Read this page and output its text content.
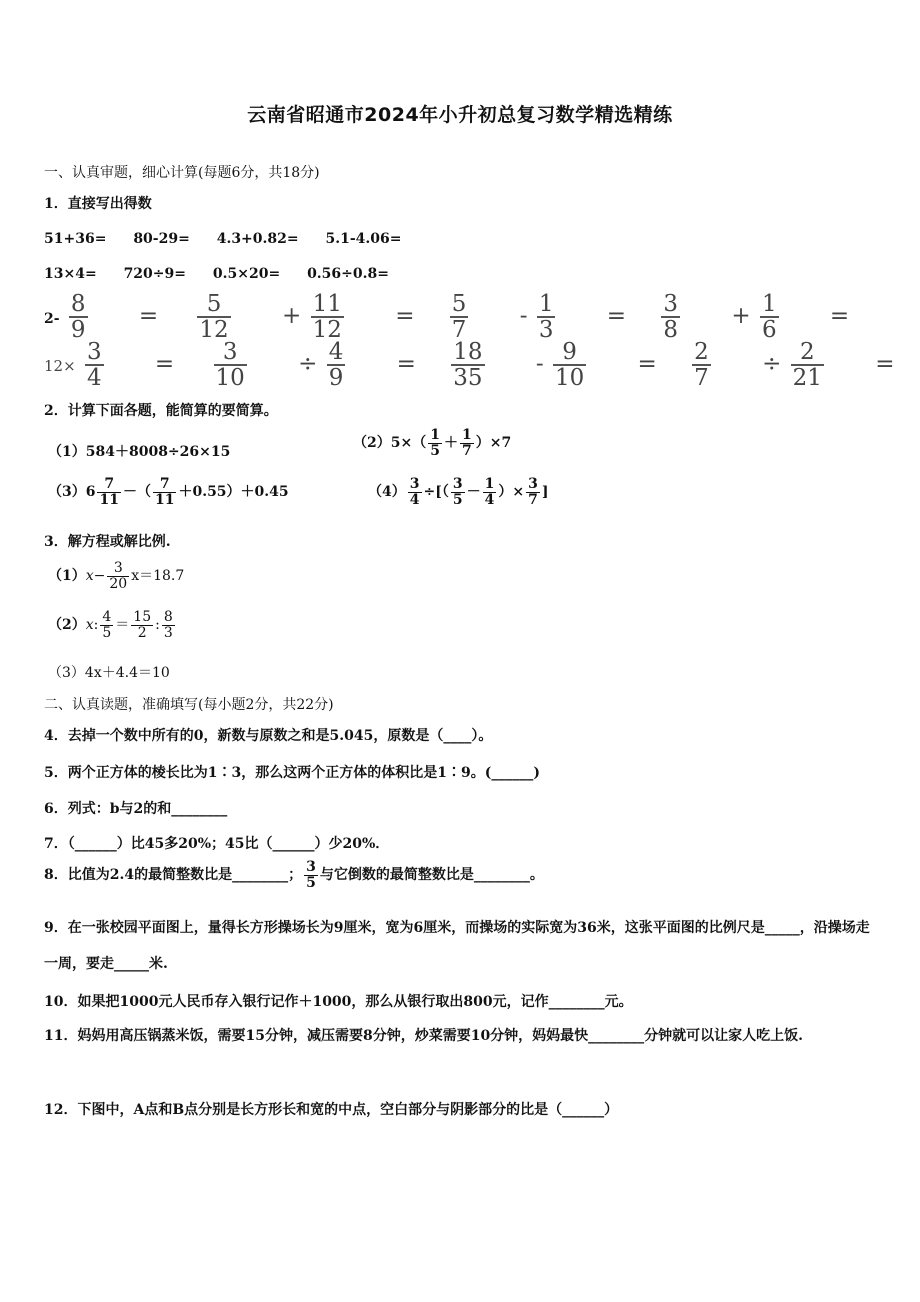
云南省昭通市2024年小升初总复习数学精选精练
一、认真审题，细心计算(每题6分，共18分)
1．直接写出得数
51+36= 80-29= 4.3+0.82= 5.1-4.06=
13×4= 720÷9= 0.5×20= 0.56÷0.8=
$2- \frac{8}{9} = \frac{5}{12} + \frac{11}{12} = \frac{5}{7} - \frac{1}{3} = \frac{3}{8} + \frac{1}{6}$ =
$12\times \frac{3}{4} = \frac{3}{10} \div \frac{4}{9} = \frac{18}{35} - \frac{9}{10} = \frac{2}{7} \div \frac{2}{21}$ =
2．计算下面各题，能简算的要简算。
（1）584＋8008÷26×15
$(2)5\times( \frac{1}{5} + \frac{1}{7} )\times 7$
$(3)6 \frac{7}{11}$ －（ $\frac{7}{11} +0.55)+0.45$	$(4) \frac{3}{4}$ ÷[（ $\frac{3}{5} - \frac{1}{4}$ ）× $\frac{3}{7}$ ]
3．解方程或解比例.
$(1)x- \frac{3}{20} x=18.7$
（2）x: $\frac{4}{5} = \frac{15}{2}$ : $\frac{8}{3}$
（3）4x＋4.4＝10
二、认真读题，准确填写(每小题2分，共22分)
4．去掉一个数中所有的0，新数与原数之和是5.045，原数是（____）。
5．两个正方体的棱长比为1∶3，那么这两个正方体的体积比是1∶9。(______)
6．列式：b与2的和________
7．（______）比45多20%；45比（______）少20%．
8．比值为2.4的最简整数比是________； $\frac{3}{5}$ 与它倒数的最简整数比是________。
9．在一张校园平面图上，量得长方形操场长为9厘米，宽为6厘米，而操场的实际宽为36米，这张平面图的比例尺是_____，沿操场走一周，要走_____米.
10．如果把1000元人民币存入银行记作＋1000，那么从银行取出800元，记作________元。
11．妈妈用高压锅蒸米饭，需要15分钟，减压需要8分钟，炒菜需要10分钟，妈妈最快________分钟就可以让家人吃上饭.
12．下图中，A点和B点分别是长方形长和宽的中点，空白部分与阴影部分的比是（______）
